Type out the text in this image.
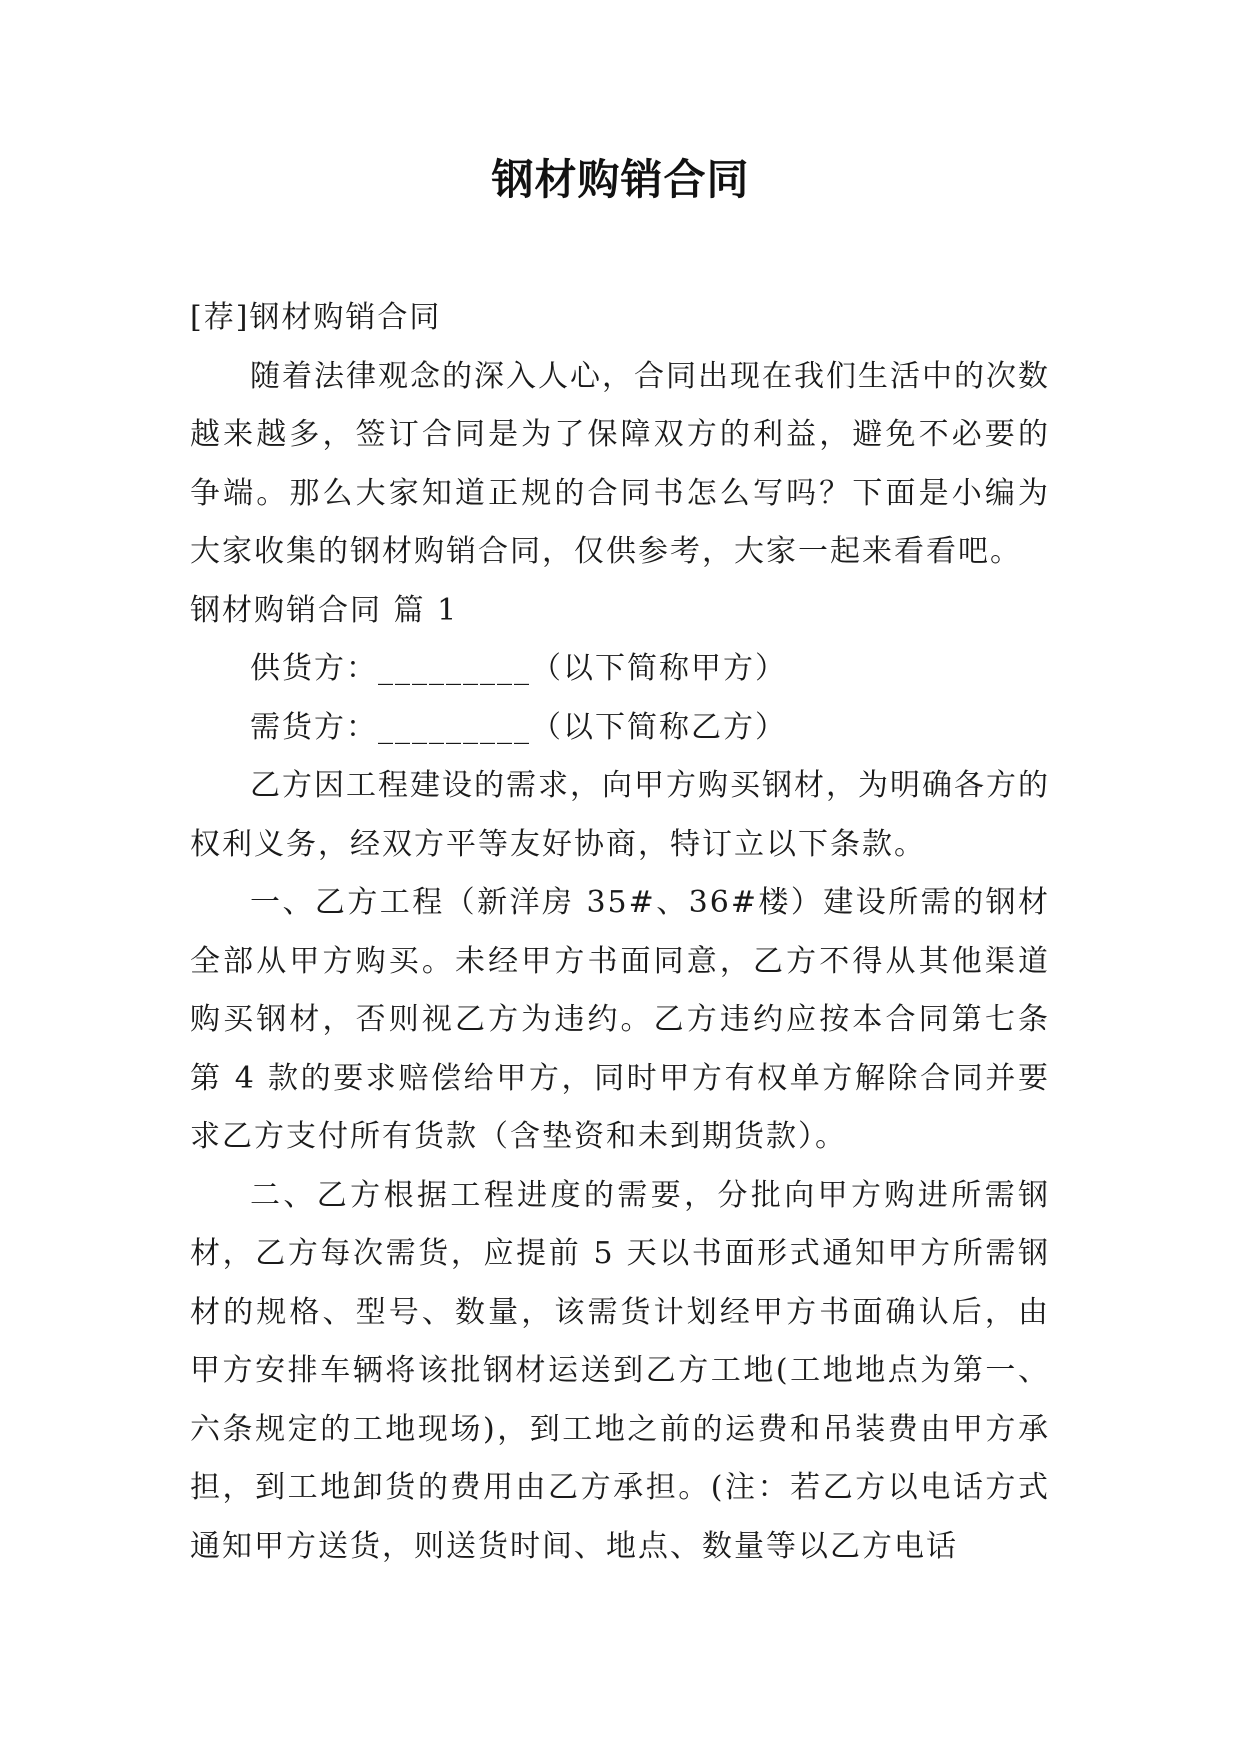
钢材购销合同

[荐]钢材购销合同

随着法律观念的深入人心，合同出现在我们生活中的次数越来越多，签订合同是为了保障双方的利益，避免不必要的争端。那么大家知道正规的合同书怎么写吗？下面是小编为大家收集的钢材购销合同，仅供参考，大家一起来看看吧。

钢材购销合同 篇 1

供货方：_________（以下简称甲方）

需货方：_________（以下简称乙方）

乙方因工程建设的需求，向甲方购买钢材，为明确各方的权利义务，经双方平等友好协商，特订立以下条款。

一、乙方工程（新洋房 35#、36#楼）建设所需的钢材全部从甲方购买。未经甲方书面同意，乙方不得从其他渠道购买钢材，否则视乙方为违约。乙方违约应按本合同第七条第 4 款的要求赔偿给甲方，同时甲方有权单方解除合同并要求乙方支付所有货款（含垫资和未到期货款）。

二、乙方根据工程进度的需要，分批向甲方购进所需钢材，乙方每次需货，应提前 5 天以书面形式通知甲方所需钢材的规格、型号、数量，该需货计划经甲方书面确认后，由甲方安排车辆将该批钢材运送到乙方工地(工地地点为第一、六条规定的工地现场)，到工地之前的运费和吊装费由甲方承担，到工地卸货的费用由乙方承担。(注：若乙方以电话方式通知甲方送货，则送货时间、地点、数量等以乙方电话
